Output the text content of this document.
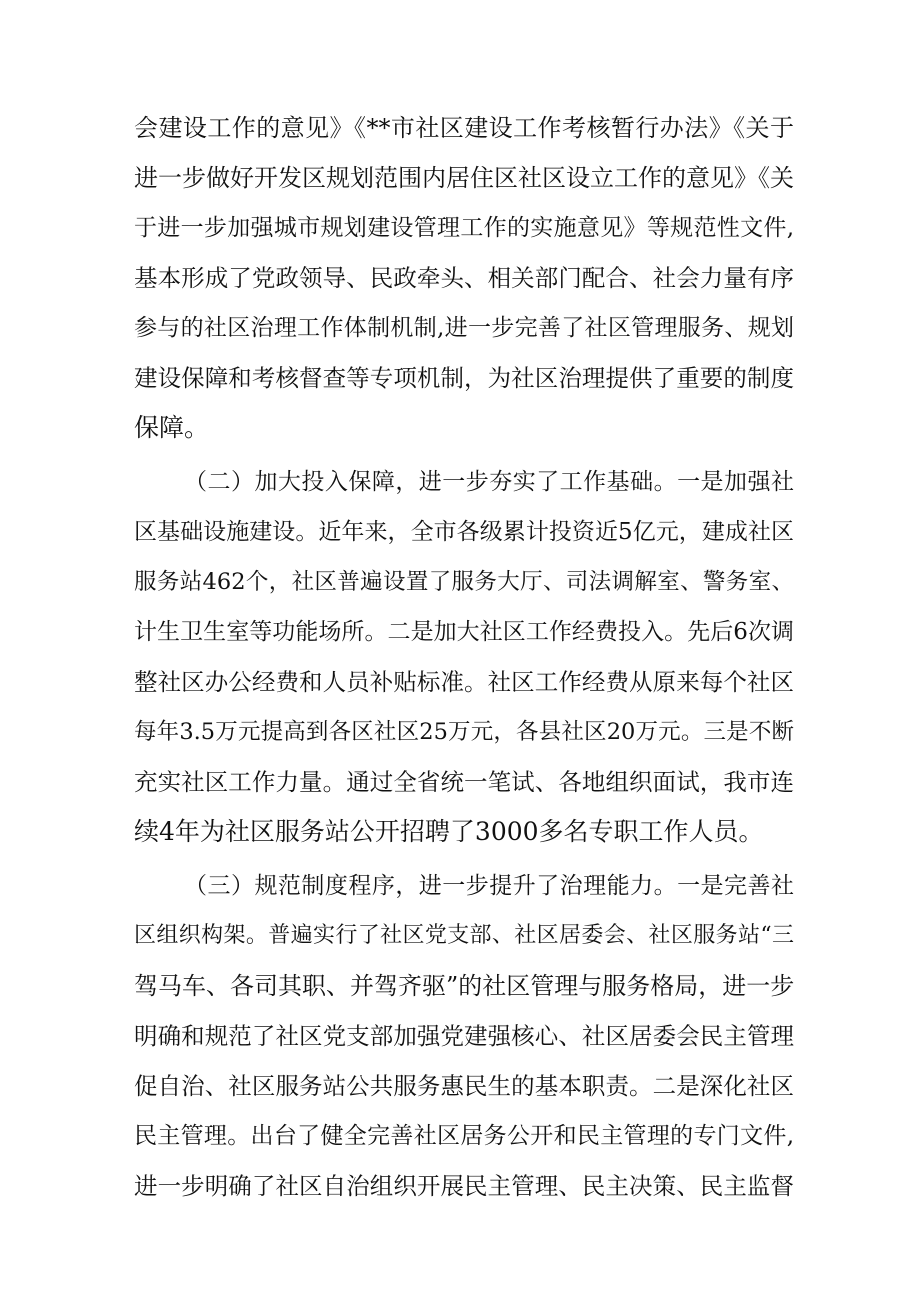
会建设工作的意见》《**市社区建设工作考核暂行办法》《关于
进一步做好开发区规划范围内居住区社区设立工作的意见》《关
于进一步加强城市规划建设管理工作的实施意见》等规范性文件,
基本形成了党政领导、民政牵头、相关部门配合、社会力量有序
参与的社区治理工作体制机制,进一步完善了社区管理服务、规划
建设保障和考核督查等专项机制，为社区治理提供了重要的制度
保障。
（二）加大投入保障，进一步夯实了工作基础。一是加强社
区基础设施建设。近年来，全市各级累计投资近5亿元，建成社区
服务站462个，社区普遍设置了服务大厅、司法调解室、警务室、
计生卫生室等功能场所。二是加大社区工作经费投入。先后6次调
整社区办公经费和人员补贴标准。社区工作经费从原来每个社区
每年3.5万元提高到各区社区25万元，各县社区20万元。三是不断
充实社区工作力量。通过全省统一笔试、各地组织面试，我市连
续4年为社区服务站公开招聘了3000多名专职工作人员。
（三）规范制度程序，进一步提升了治理能力。一是完善社
区组织构架。普遍实行了社区党支部、社区居委会、社区服务站“三
驾马车、各司其职、并驾齐驱”的社区管理与服务格局，进一步
明确和规范了社区党支部加强党建强核心、社区居委会民主管理
促自治、社区服务站公共服务惠民生的基本职责。二是深化社区
民主管理。出台了健全完善社区居务公开和民主管理的专门文件,
进一步明确了社区自治组织开展民主管理、民主决策、民主监督
